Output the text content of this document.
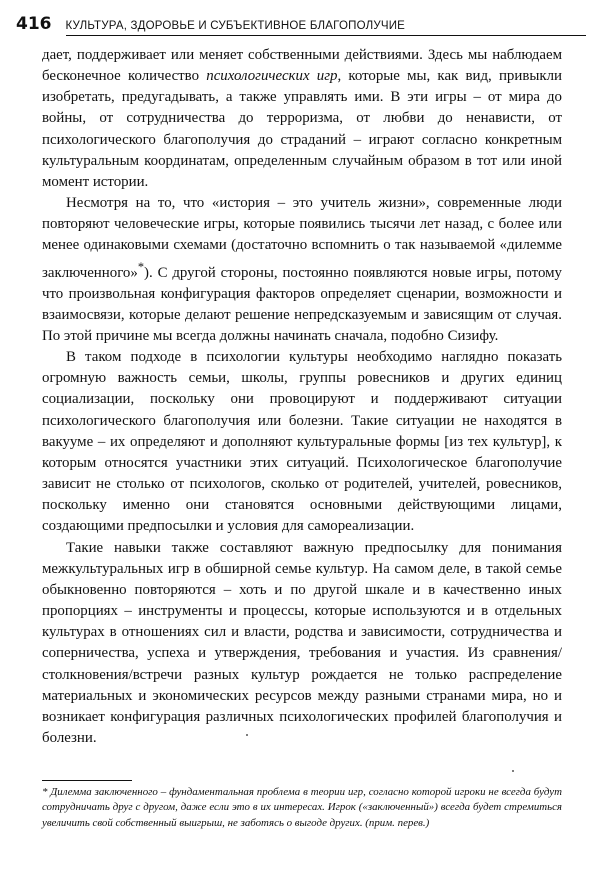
416 КУЛЬТУРА, ЗДОРОВЬЕ И СУБЪЕКТИВНОЕ БЛАГОПОЛУЧИЕ

дает, поддерживает или меняет собственными действиями. Здесь мы наблюдаем бесконечное количество психологических игр, которые мы, как вид, привыкли изобретать, предугадывать, а также управлять ими. В эти игры – от мира до войны, от сотрудничества до терроризма, от любви до ненависти, от психологического благополучия до страданий – играют согласно конкретным культуральным координатам, определенным случайным образом в тот или иной момент истории.

Несмотря на то, что «история – это учитель жизни», современные люди повторяют человеческие игры, которые появились тысячи лет назад, с более или менее одинаковыми схемами (достаточно вспомнить о так называемой «дилемме заключенного»*). С другой стороны, постоянно появляются новые игры, потому что произвольная конфигурация факторов определяет сценарии, возможности и взаимосвязи, которые делают решение непредсказуемым и зависящим от случая. По этой причине мы всегда должны начинать сначала, подобно Сизифу.

В таком подходе в психологии культуры необходимо наглядно показать огромную важность семьи, школы, группы ровесников и других единиц социализации, поскольку они провоцируют и поддерживают ситуации психологического благополучия или болезни. Такие ситуации не находятся в вакууме – их определяют и дополняют культуральные формы [из тех культур], к которым относятся участники этих ситуаций. Психологическое благополучие зависит не столько от психологов, сколько от родителей, учителей, ровесников, поскольку именно они становятся основными действующими лицами, создающими предпосылки и условия для самореализации.

Такие навыки также составляют важную предпосылку для понимания межкультуральных игр в обширной семье культур. На самом деле, в такой семье обыкновенно повторяются – хоть и по другой шкале и в качественно иных пропорциях – инструменты и процессы, которые используются и в отдельных культурах в отношениях сил и власти, родства и зависимости, сотрудничества и соперничества, успеха и утверждения, требования и участия. Из сравнения/столкновения/встречи разных культур рождается не только распределение материальных и экономических ресурсов между разными странами мира, но и возникает конфигурация различных психологических профилей благополучия и болезни.

* Дилемма заключенного – фундаментальная проблема в теории игр, согласно которой игроки не всегда будут сотрудничать друг с другом, даже если это в их интересах. Игрок («заключенный») всегда будет стремиться увеличить свой собственный выигрыш, не заботясь о выгоде других. (прим. перев.)
